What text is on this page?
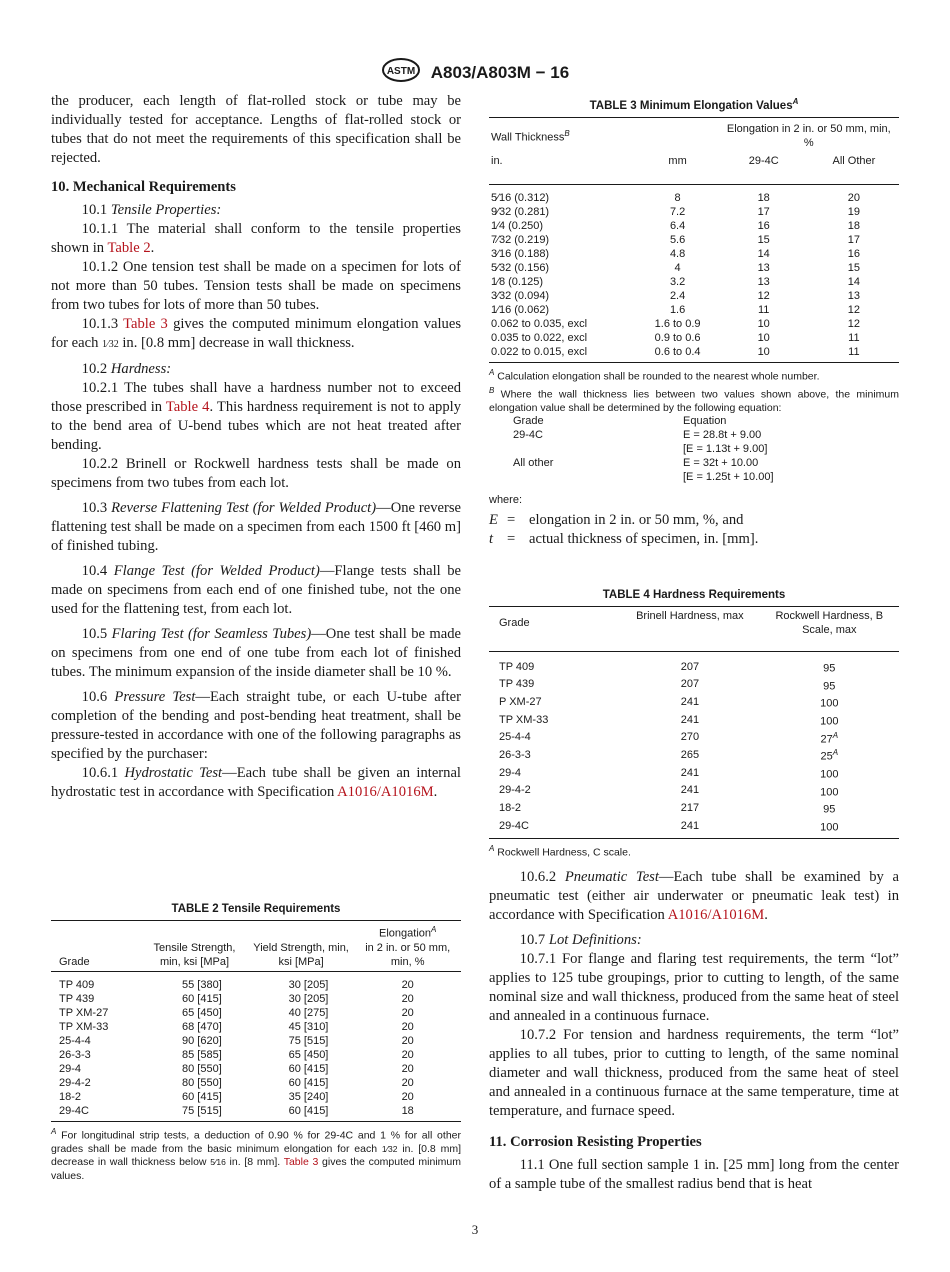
ASTM A803/A803M − 16

the producer, each length of flat-rolled stock or tube may be individually tested for acceptance. Lengths of flat-rolled stock or tubes that do not meet the requirements of this specification shall be rejected.

10. Mechanical Requirements

10.1 Tensile Properties:

10.1.1 The material shall conform to the tensile properties shown in Table 2.

10.1.2 One tension test shall be made on a specimen for lots of not more than 50 tubes. Tension tests shall be made on specimens from two tubes for lots of more than 50 tubes.

10.1.3 Table 3 gives the computed minimum elongation values for each 1⁄32 in. [0.8 mm] decrease in wall thickness.

10.2 Hardness:

10.2.1 The tubes shall have a hardness number not to exceed those prescribed in Table 4. This hardness requirement is not to apply to the bend area of U-bend tubes which are not heat treated after bending.

10.2.2 Brinell or Rockwell hardness tests shall be made on specimens from two tubes from each lot.

10.3 Reverse Flattening Test (for Welded Product)—One reverse flattening test shall be made on a specimen from each 1500 ft [460 m] of finished tubing.

10.4 Flange Test (for Welded Product)—Flange tests shall be made on specimens from each end of one finished tube, not the one used for the flattening test, from each lot.

10.5 Flaring Test (for Seamless Tubes)—One test shall be made on specimens from one end of one tube from each lot of finished tubes. The minimum expansion of the inside diameter shall be 10 %.

10.6 Pressure Test—Each straight tube, or each U-tube after completion of the bending and post-bending heat treatment, shall be pressure-tested in accordance with one of the following paragraphs as specified by the purchaser:

10.6.1 Hydrostatic Test—Each tube shall be given an internal hydrostatic test in accordance with Specification A1016/A1016M.

TABLE 2 Tensile Requirements
Grade	Tensile Strength, min, ksi [MPa]	Yield Strength, min, ksi [MPa]	Elongation$^A$
in 2 in. or 50 mm, min, %
TP 409	55 [380]	30 [205]	20
TP 439	60 [415]	30 [205]	20
TP XM-27	65 [450]	40 [275]	20
TP XM-33	68 [470]	45 [310]	20
25-4-4	90 [620]	75 [515]	20
26-3-3	85 [585]	65 [450]	20
29-4	80 [550]	60 [415]	20
29-4-2	80 [550]	60 [415]	20
18-2	60 [415]	35 [240]	20
29-4C	75 [515]	60 [415]	18
$^A$ For longitudinal strip tests, a deduction of 0.90 % for 29-4C and 1 % for all other grades shall be made from the basic minimum elongation for each 1⁄32 in. [0.8 mm] decrease in wall thickness below 5⁄16 in. [8 mm]. Table 3 gives the computed minimum values.
TABLE 3 Minimum Elongation Values$^A$
Wall Thickness$^B$		Elongation in 2 in. or 50 mm, min, %	
in.	mm	29-4C	All Other
5⁄16 (0.312)	8	18	20
9⁄32 (0.281)	7.2	17	19
1⁄4 (0.250)	6.4	16	18
7⁄32 (0.219)	5.6	15	17
3⁄16 (0.188)	4.8	14	16
5⁄32 (0.156)	4	13	15
1⁄8 (0.125)	3.2	13	14
3⁄32 (0.094)	2.4	12	13
1⁄16 (0.062)	1.6	11	12
0.062 to 0.035, excl	1.6 to 0.9	10	12
0.035 to 0.022, excl	0.9 to 0.6	10	11
0.022 to 0.015, excl	0.6 to 0.4	10	11
$^A$ Calculation elongation shall be rounded to the nearest whole number.
$^B$ Where the wall thickness lies between two values shown above, the minimum elongation value shall be determined by the following equation:
Grade	Equation
29-4C	E = 28.8t + 9.00
[E = 1.13t + 9.00]
All other	E = 32t + 10.00
[E = 1.25t + 10.00]
where:
E = elongation in 2 in. or 50 mm, %, and
t = actual thickness of specimen, in. [mm].
TABLE 4 Hardness Requirements
Grade	Brinell Hardness, max	Rockwell Hardness, B Scale, max
TP 409	207	95
TP 439	207	95
P XM-27	241	100
TP XM-33	241	100
25-4-4	270	$27^A$
26-3-3	265	$25^A$
29-4	241	100
29-4-2	241	100
18-2	217	95
29-4C	241	100
$^A$ Rockwell Hardness, C scale.

10.6.2 Pneumatic Test—Each tube shall be examined by a pneumatic test (either air underwater or pneumatic leak test) in accordance with Specification A1016/A1016M.

10.7 Lot Definitions:

10.7.1 For flange and flaring test requirements, the term “lot” applies to 125 tube groupings, prior to cutting to length, of the same nominal size and wall thickness, produced from the same heat of steel and annealed in a continuous furnace.

10.7.2 For tension and hardness requirements, the term “lot” applies to all tubes, prior to cutting to length, of the same nominal diameter and wall thickness, produced from the same heat of steel and annealed in a continuous furnace at the same temperature, time at temperature, and furnace speed.

11. Corrosion Resisting Properties

11.1 One full section sample 1 in. [25 mm] long from the center of a sample tube of the smallest radius bend that is heat

3
